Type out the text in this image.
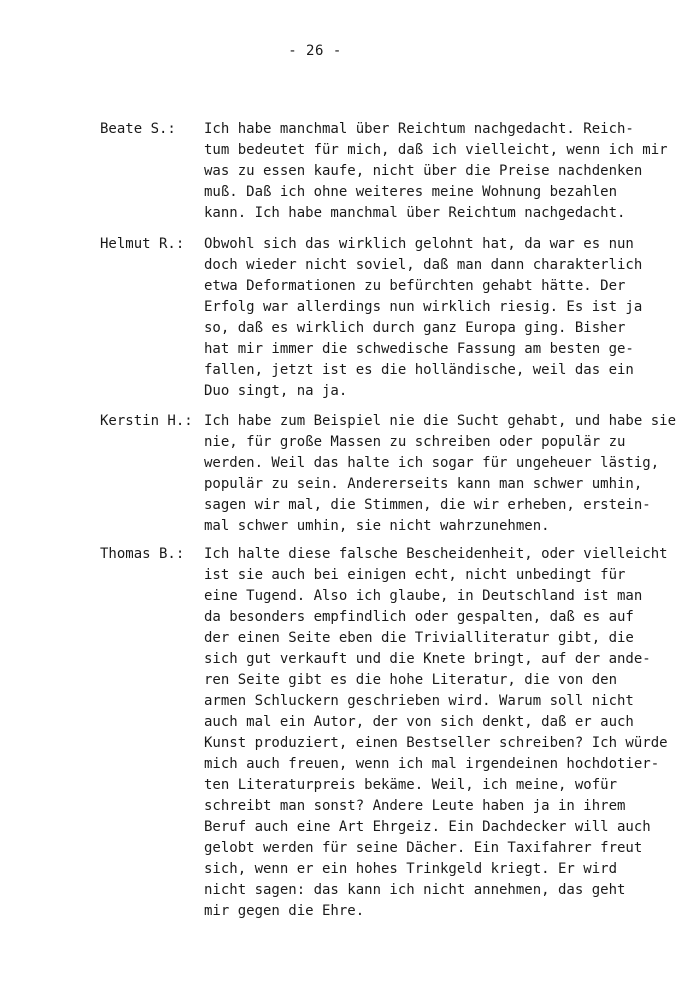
- 26 -
Beate S.: Ich habe manchmal über Reichtum nachgedacht. Reich-
tum bedeutet für mich, daß ich vielleicht, wenn ich mir
was zu essen kaufe, nicht über die Preise nachdenken
muß. Daß ich ohne weiteres meine Wohnung bezahlen
kann. Ich habe manchmal über Reichtum nachgedacht.
Helmut R.: Obwohl sich das wirklich gelohnt hat, da war es nun
doch wieder nicht soviel, daß man dann charakterlich
etwa Deformationen zu befürchten gehabt hätte. Der
Erfolg war allerdings nun wirklich riesig. Es ist ja
so, daß es wirklich durch ganz Europa ging. Bisher
hat mir immer die schwedische Fassung am besten ge-
fallen, jetzt ist es die holländische, weil das ein
Duo singt, na ja.
Kerstin H.: Ich habe zum Beispiel nie die Sucht gehabt, und habe sie
nie, für große Massen zu schreiben oder populär zu
werden. Weil das halte ich sogar für ungeheuer lästig,
populär zu sein. Andererseits kann man schwer umhin,
sagen wir mal, die Stimmen, die wir erheben, erstein-
mal schwer umhin, sie nicht wahrzunehmen.
Thomas B.: Ich halte diese falsche Bescheidenheit, oder vielleicht
ist sie auch bei einigen echt, nicht unbedingt für
eine Tugend. Also ich glaube, in Deutschland ist man
da besonders empfindlich oder gespalten, daß es auf
der einen Seite eben die Trivialliteratur gibt, die
sich gut verkauft und die Knete bringt, auf der ande-
ren Seite gibt es die hohe Literatur, die von den
armen Schluckern geschrieben wird. Warum soll nicht
auch mal ein Autor, der von sich denkt, daß er auch
Kunst produziert, einen Bestseller schreiben? Ich würde
mich auch freuen, wenn ich mal irgendeinen hochdotier-
ten Literaturpreis bekäme. Weil, ich meine, wofür
schreibt man sonst? Andere Leute haben ja in ihrem
Beruf auch eine Art Ehrgeiz. Ein Dachdecker will auch
gelobt werden für seine Dächer. Ein Taxifahrer freut
sich, wenn er ein hohes Trinkgeld kriegt. Er wird
nicht sagen: das kann ich nicht annehmen, das geht
mir gegen die Ehre.
